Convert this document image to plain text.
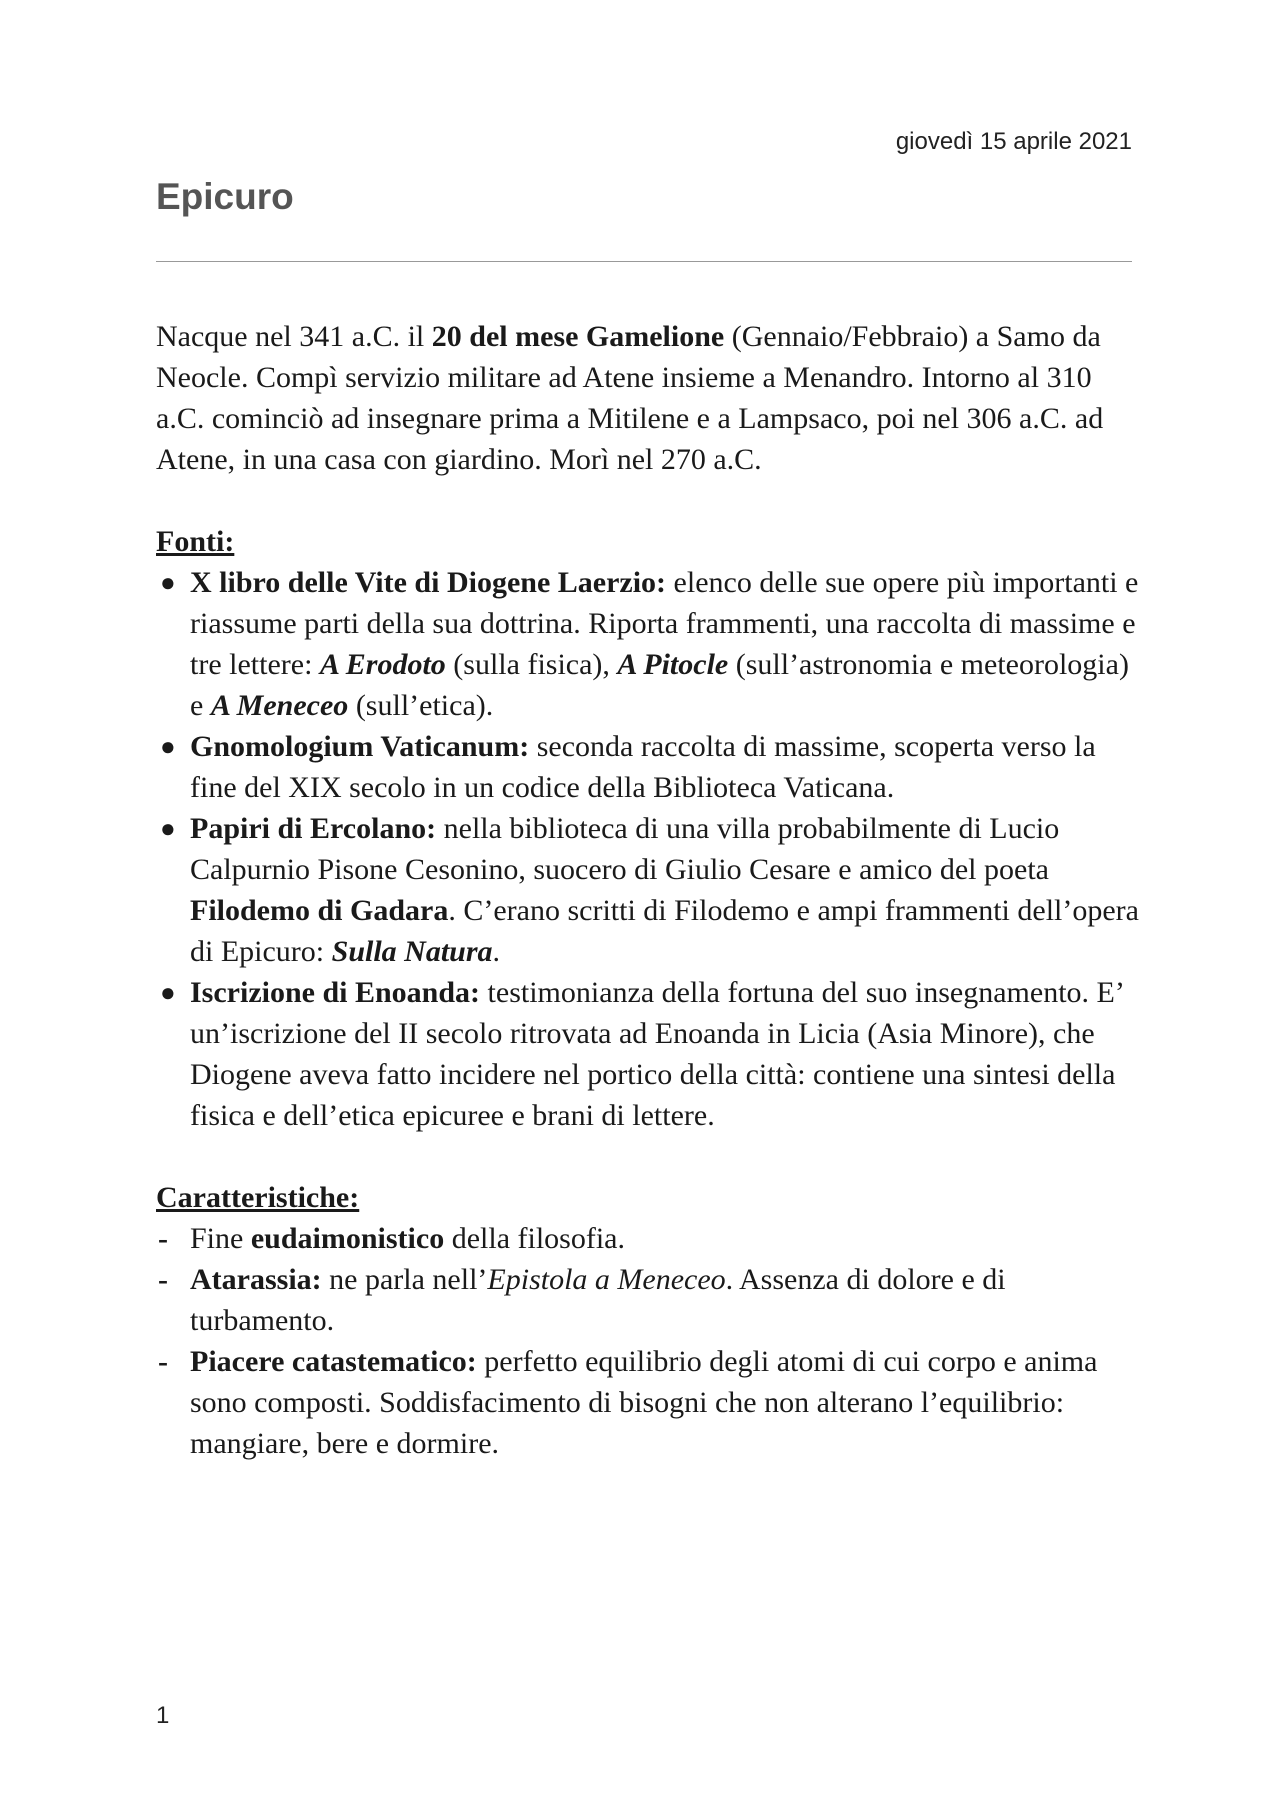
giovedì 15 aprile 2021
Epicuro

Nacque nel 341 a.C. il 20 del mese Gamelione (Gennaio/Febbraio) a Samo da Neocle. Compì servizio militare ad Atene insieme a Menandro. Intorno al 310 a.C. cominciò ad insegnare prima a Mitilene e a Lampsaco, poi nel 306 a.C. ad Atene, in una casa con giardino. Morì nel 270 a.C.

Fonti:

● X libro delle Vite di Diogene Laerzio: elenco delle sue opere più importanti e riassume parti della sua dottrina. Riporta frammenti, una raccolta di massime e tre lettere: A Erodoto (sulla fisica), A Pitocle (sull’astronomia e meteorologia) e A Meneceo (sull’etica).
● Gnomologium Vaticanum: seconda raccolta di massime, scoperta verso la fine del XIX secolo in un codice della Biblioteca Vaticana.
● Papiri di Ercolano: nella biblioteca di una villa probabilmente di Lucio Calpurnio Pisone Cesonino, suocero di Giulio Cesare e amico del poeta Filodemo di Gadara. C’erano scritti di Filodemo e ampi frammenti dell’opera di Epicuro: Sulla Natura.
● Iscrizione di Enoanda: testimonianza della fortuna del suo insegnamento. E’ un’iscrizione del II secolo ritrovata ad Enoanda in Licia (Asia Minore), che Diogene aveva fatto incidere nel portico della città: contiene una sintesi della fisica e dell’etica epicuree e brani di lettere.

Caratteristiche:

- Fine eudaimonistico della filosofia.
- Atarassia: ne parla nell’Epistola a Meneceo. Assenza di dolore e di turbamento.
- Piacere catastematico: perfetto equilibrio degli atomi di cui corpo e anima sono composti. Soddisfacimento di bisogni che non alterano l’equilibrio: mangiare, bere e dormire.
1
